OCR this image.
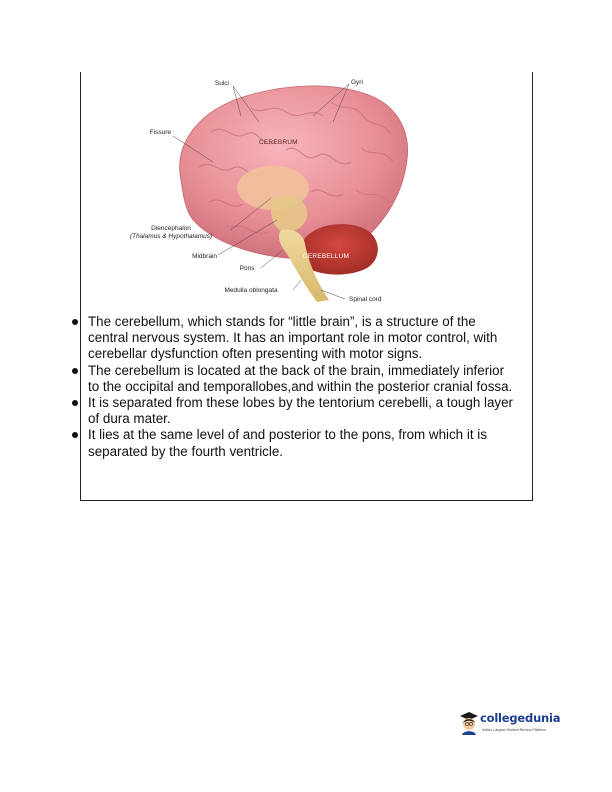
Sulci	Gyri
Fissure
CEREBRUM
Diencephalon
(Thalamus & Hypothalamus)
Midbrain	CEREBELLUM
Pons
Medulla oblongata
Spinal cord
The cerebellum, which stands for “little brain”, is a structure of the central nervous system. It has an important role in motor control, with cerebellar dysfunction often presenting with motor signs.
The cerebellum is located at the back of the brain, immediately inferior to the occipital and temporallobes,and within the posterior cranial fossa.
It is separated from these lobes by the tentorium cerebelli, a tough layer of dura mater.
It lies at the same level of and posterior to the pons, from which it is separated by the fourth ventricle.
collegedunia
India's Largest Student Review Platform
